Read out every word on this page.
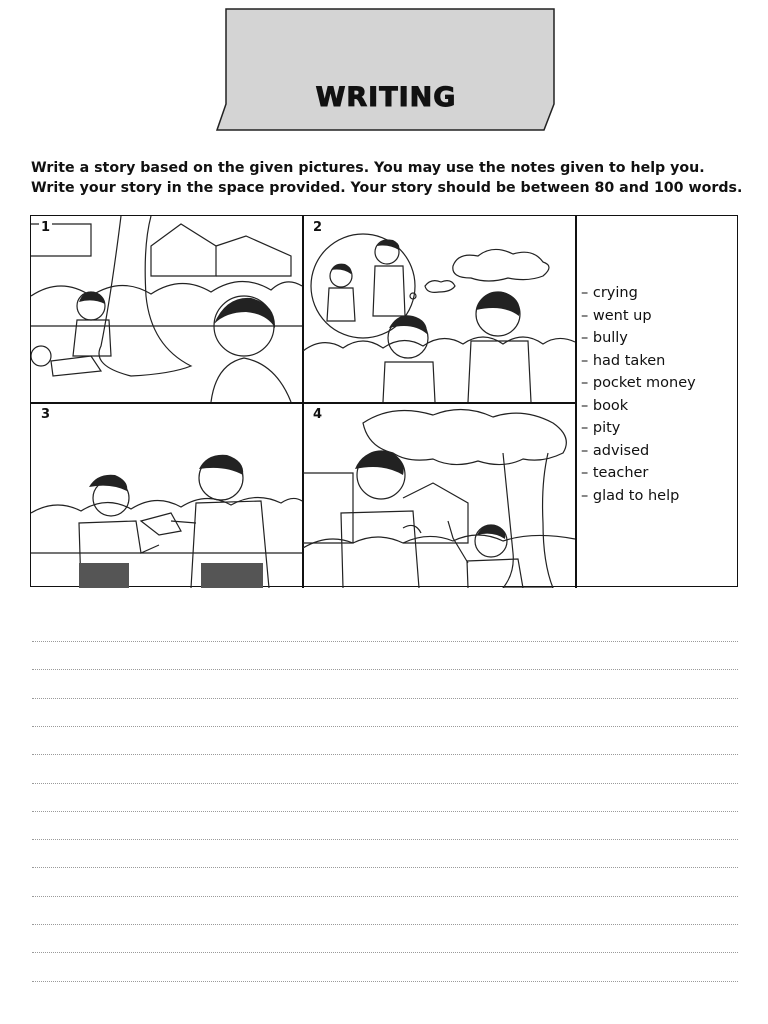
WRITING
Write a story based on the given pictures. You may use the notes given to help you. Write your story in the space provided. Your story should be between 80 and 100 words.
1	2
3	4
– crying
– went up
– bully
– had taken
– pocket money
– book
– pity
– advised
– teacher
– glad to help
